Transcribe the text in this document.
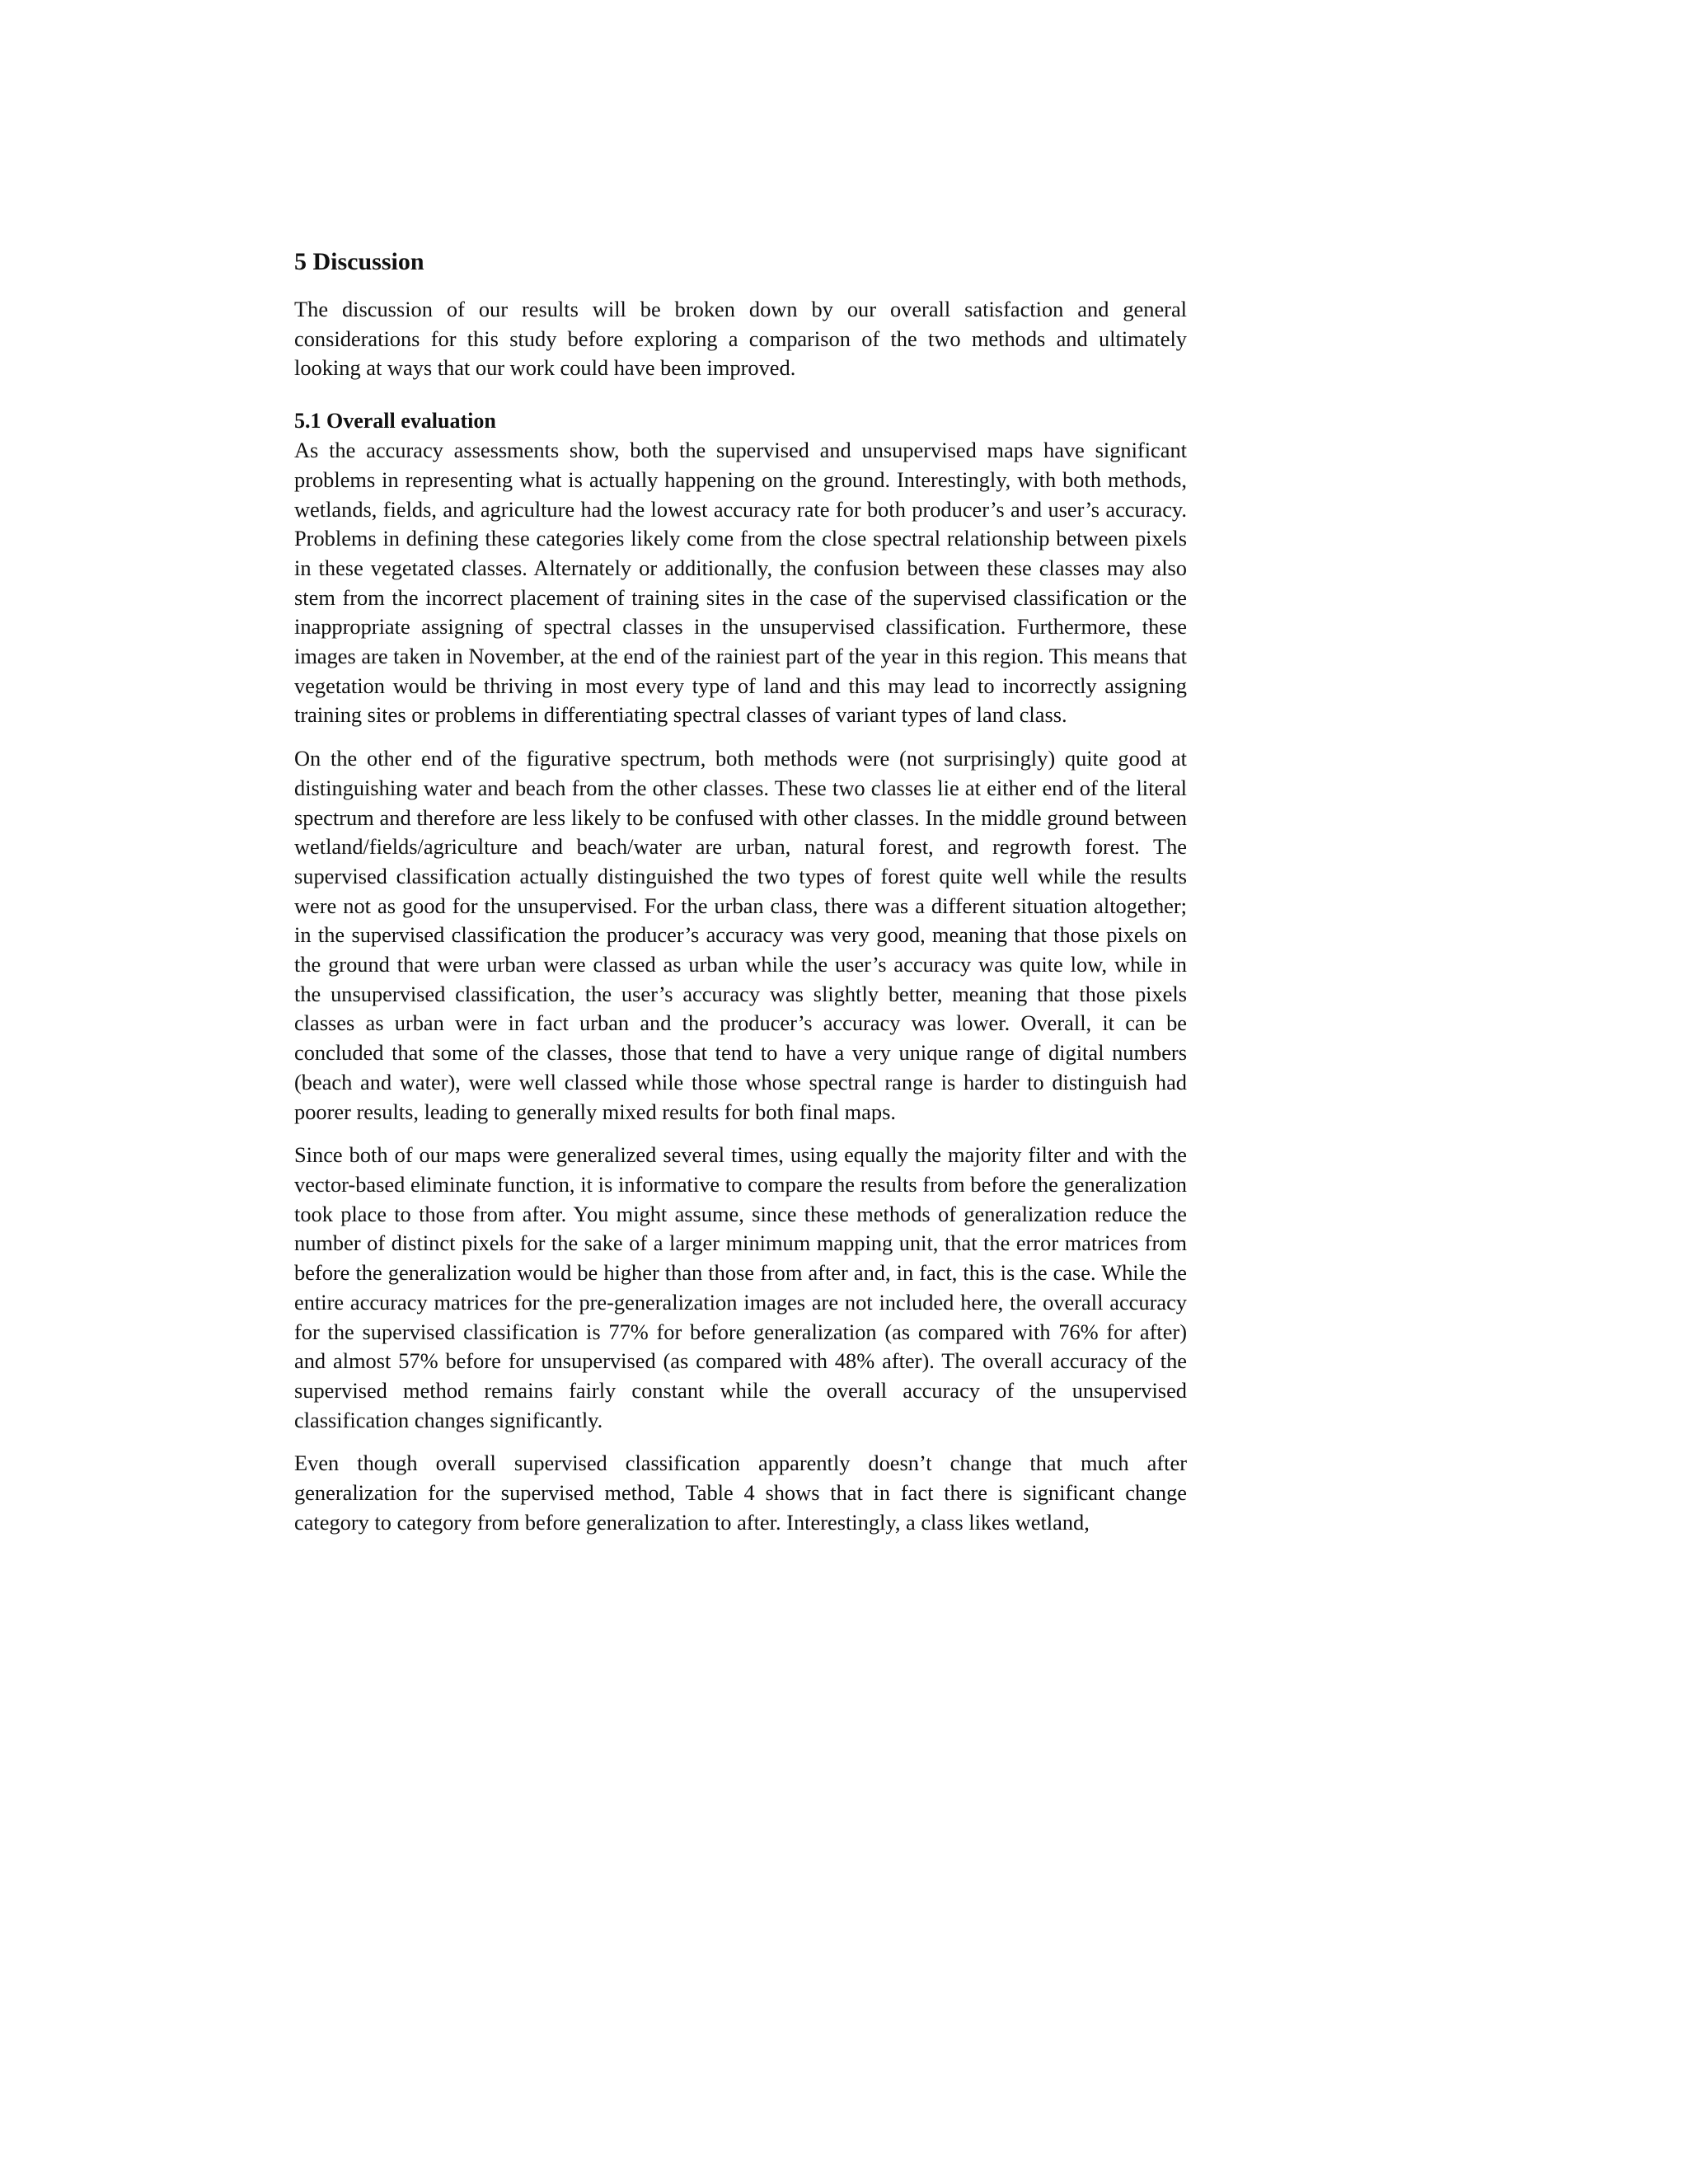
5 Discussion

The discussion of our results will be broken down by our overall satisfaction and general considerations for this study before exploring a comparison of the two methods and ultimately looking at ways that our work could have been improved.

5.1 Overall evaluation

As the accuracy assessments show, both the supervised and unsupervised maps have significant problems in representing what is actually happening on the ground. Interestingly, with both methods, wetlands, fields, and agriculture had the lowest accuracy rate for both producer’s and user’s accuracy. Problems in defining these categories likely come from the close spectral relationship between pixels in these vegetated classes. Alternately or additionally, the confusion between these classes may also stem from the incorrect placement of training sites in the case of the supervised classification or the inappropriate assigning of spectral classes in the unsupervised classification. Furthermore, these images are taken in November, at the end of the rainiest part of the year in this region. This means that vegetation would be thriving in most every type of land and this may lead to incorrectly assigning training sites or problems in differentiating spectral classes of variant types of land class.

On the other end of the figurative spectrum, both methods were (not surprisingly) quite good at distinguishing water and beach from the other classes. These two classes lie at either end of the literal spectrum and therefore are less likely to be confused with other classes. In the middle ground between wetland/fields/agriculture and beach/water are urban, natural forest, and regrowth forest. The supervised classification actually distinguished the two types of forest quite well while the results were not as good for the unsupervised. For the urban class, there was a different situation altogether; in the supervised classification the producer’s accuracy was very good, meaning that those pixels on the ground that were urban were classed as urban while the user’s accuracy was quite low, while in the unsupervised classification, the user’s accuracy was slightly better, meaning that those pixels classes as urban were in fact urban and the producer’s accuracy was lower. Overall, it can be concluded that some of the classes, those that tend to have a very unique range of digital numbers (beach and water), were well classed while those whose spectral range is harder to distinguish had poorer results, leading to generally mixed results for both final maps.

Since both of our maps were generalized several times, using equally the majority filter and with the vector-based eliminate function, it is informative to compare the results from before the generalization took place to those from after. You might assume, since these methods of generalization reduce the number of distinct pixels for the sake of a larger minimum mapping unit, that the error matrices from before the generalization would be higher than those from after and, in fact, this is the case. While the entire accuracy matrices for the pre-generalization images are not included here, the overall accuracy for the supervised classification is 77% for before generalization (as compared with 76% for after) and almost 57% before for unsupervised (as compared with 48% after). The overall accuracy of the supervised method remains fairly constant while the overall accuracy of the unsupervised classification changes significantly.

Even though overall supervised classification apparently doesn’t change that much after generalization for the supervised method, Table 4 shows that in fact there is significant change category to category from before generalization to after. Interestingly, a class likes wetland,
